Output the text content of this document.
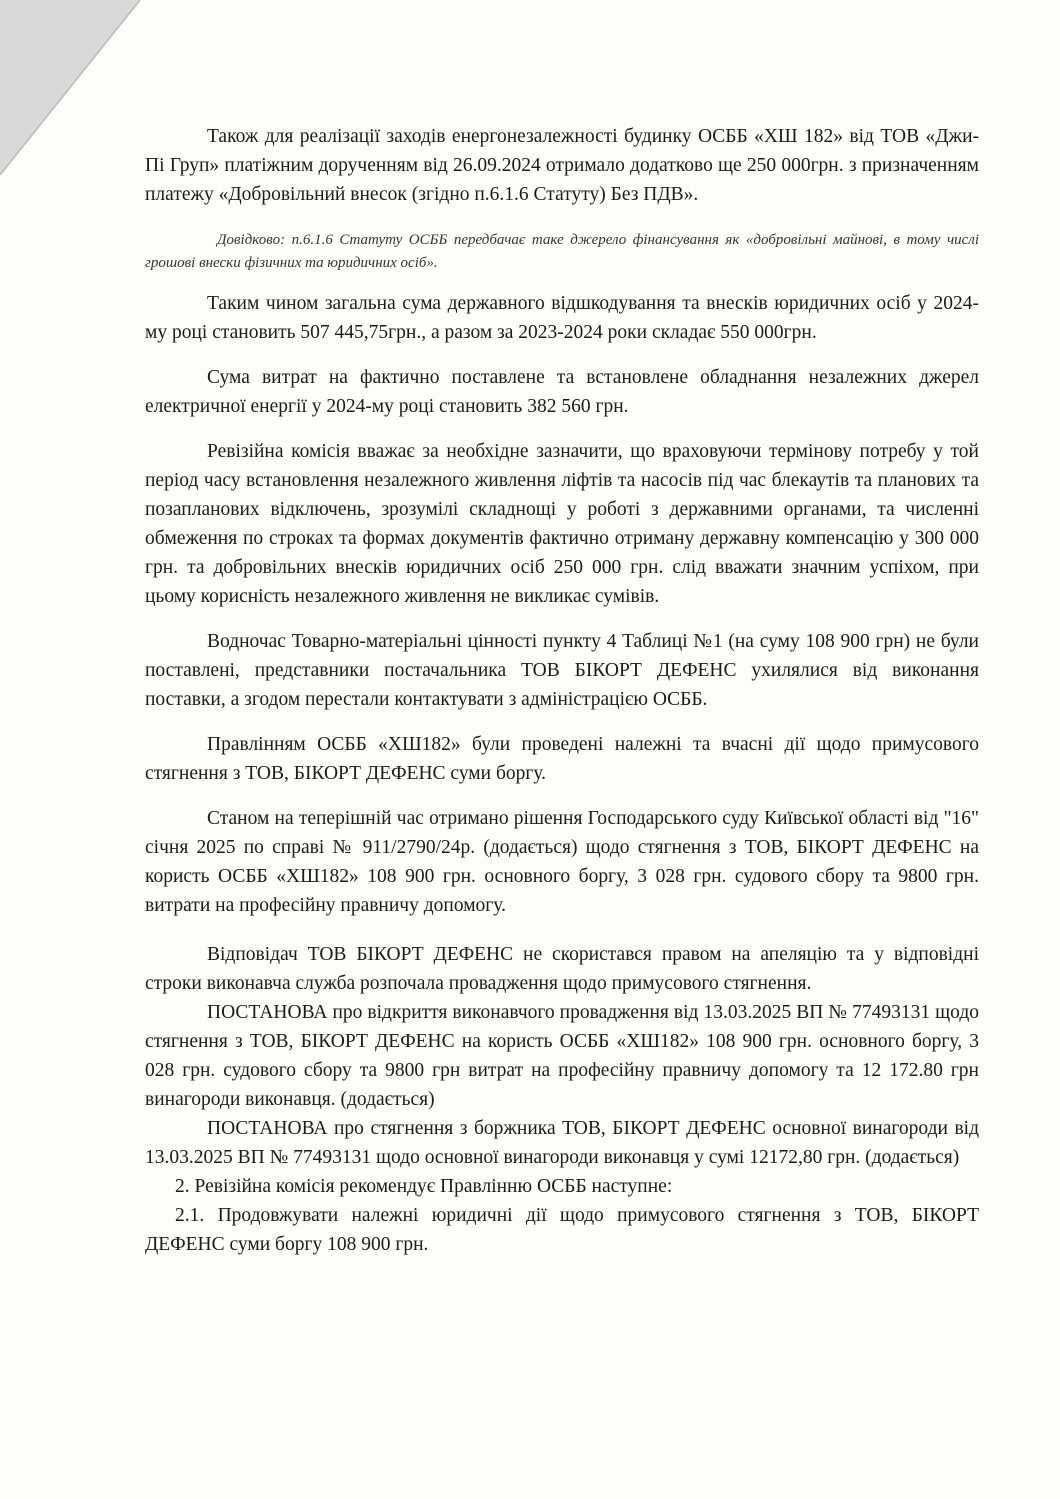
Також для реалізації заходів енергонезалежності будинку ОСББ «ХШ 182» від ТОВ «Джи-Пі Груп» платіжним дорученням від 26.09.2024 отримало додатково ще 250 000грн. з призначенням платежу «Добровільний внесок (згідно п.6.1.6 Статуту) Без ПДВ».

Довідково: п.6.1.6 Статуту ОСББ передбачає таке джерело фінансування як «добровільні майнові, в тому числі грошові внески фізичних та юридичних осіб».

Таким чином загальна сума державного відшкодування та внесків юридичних осіб у 2024-му році становить 507 445,75грн., а разом за 2023-2024 роки складає 550 000грн.

Сума витрат на фактично поставлене та встановлене обладнання незалежних джерел електричної енергії у 2024-му році становить 382 560 грн.

Ревізійна комісія вважає за необхідне зазначити, що враховуючи термінову потребу у той період часу встановлення незалежного живлення ліфтів та насосів під час блекаутів та планових та позапланових відключень, зрозумілі складнощі у роботі з державними органами, та численні обмеження по строках та формах документів фактично отриману державну компенсацію у 300 000 грн. та добровільних внесків юридичних осіб 250 000 грн. слід вважати значним успіхом, при цьому корисність незалежного живлення не викликає сумівів.

Водночас Товарно-матеріальні цінності пункту 4 Таблиці №1 (на суму 108 900 грн) не були поставлені, представники постачальника ТОВ БІКОРТ ДЕФЕНС ухилялися від виконання поставки, а згодом перестали контактувати з адміністрацією ОСББ.

Правлінням ОСББ «ХШ182» були проведені належні та вчасні дії щодо примусового стягнення з ТОВ, БІКОРТ ДЕФЕНС суми боргу.

Станом на теперішній час отримано рішення Господарського суду Київської області від "16" січня 2025 по справі № 911/2790/24р. (додається) щодо стягнення з ТОВ, БІКОРТ ДЕФЕНС на користь ОСББ «ХШ182» 108 900 грн. основного боргу, 3 028 грн. судового сбору та 9800 грн. витрати на професійну правничу допомогу.

Відповідач ТОВ БІКОРТ ДЕФЕНС не скористався правом на апеляцію та у відповідні строки виконавча служба розпочала провадження щодо примусового стягнення.

ПОСТАНОВА про відкриття виконавчого провадження від 13.03.2025 ВП № 77493131 щодо стягнення з ТОВ, БІКОРТ ДЕФЕНС на користь ОСББ «ХШ182» 108 900 грн. основного боргу, 3 028 грн. судового сбору та 9800 грн витрат на професійну правничу допомогу та 12 172.80 грн винагороди виконавця. (додається)

ПОСТАНОВА про стягнення з боржника ТОВ, БІКОРТ ДЕФЕНС основної винагороди від 13.03.2025 ВП № 77493131 щодо основної винагороди виконавця у сумі 12172,80 грн. (додається)

2. Ревізійна комісія рекомендує Правлінню ОСББ наступне:

2.1. Продовжувати належні юридичні дії щодо примусового стягнення з ТОВ, БІКОРТ ДЕФЕНС суми боргу 108 900 грн.
